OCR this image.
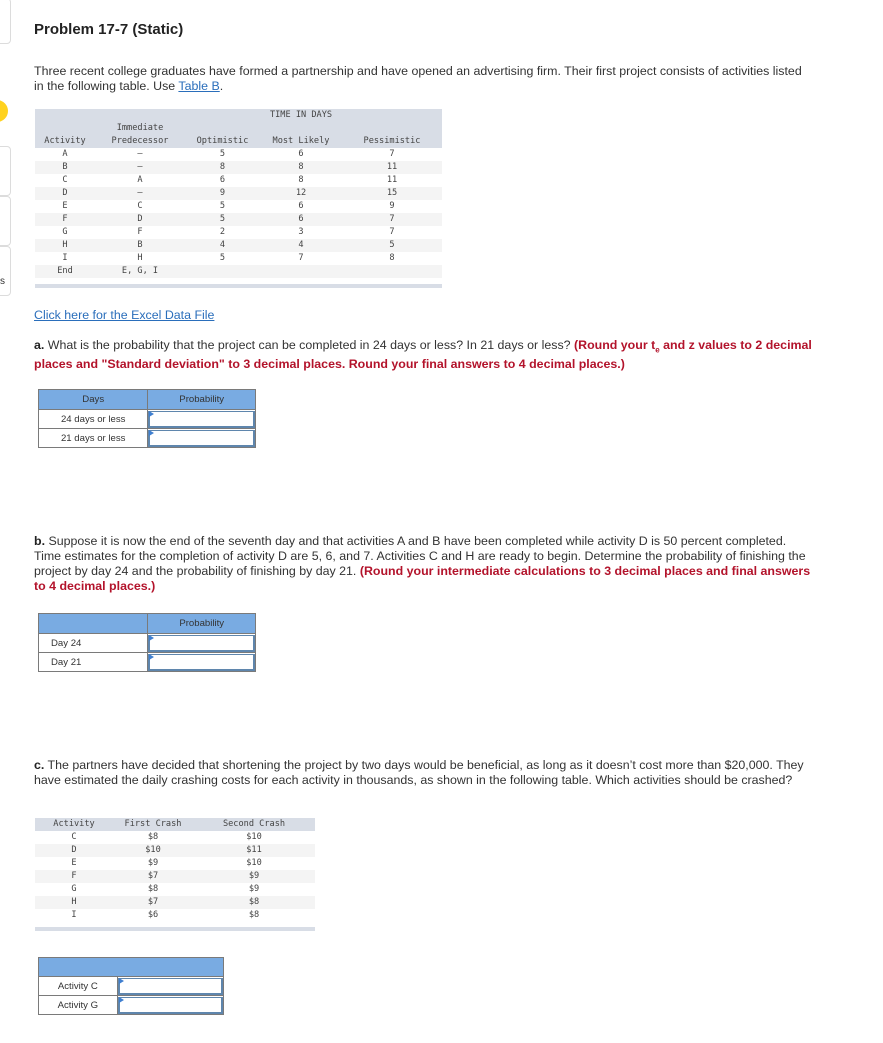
s
Problem 17-7 (Static)
Three recent college graduates have formed a partnership and have opened an advertising firm. Their first project consists of activities listed in the following table. Use Table B.
			TIME IN DAYS	
	Immediate			
Activity	Predecessor	Optimistic	Most Likely	Pessimistic
A	—	5	6	7
B	—	8	8	11
C	A	6	8	11
D	—	9	12	15
E	C	5	6	9
F	D	5	6	7
G	F	2	3	7
H	B	4	4	5
I	H	5	7	8
End	E, G, I			
Click here for the Excel Data File
a. What is the probability that the project can be completed in 24 days or less? In 21 days or less? (Round your $t_e$ and z values to 2 decimal places and "Standard deviation" to 3 decimal places. Round your final answers to 4 decimal places.)
Days	Probability
24 days or less	

21 days or less	
b. Suppose it is now the end of the seventh day and that activities A and B have been completed while activity D is 50 percent completed. Time estimates for the completion of activity D are 5, 6, and 7. Activities C and H are ready to begin. Determine the probability of finishing the project by day 24 and the probability of finishing by day 21. (Round your intermediate calculations to 3 decimal places and final answers to 4 decimal places.)
	Probability
Day 24	

Day 21	
c. The partners have decided that shortening the project by two days would be beneficial, as long as it doesn’t cost more than $20,000. They have estimated the daily crashing costs for each activity in thousands, as shown in the following table. Which activities should be crashed?
Activity	First Crash	Second Crash
C	$8	$10
D	$10	$11
E	$9	$10
F	$7	$9
G	$8	$9
H	$7	$8
I	$6	$8

Activity C	

Activity G	
